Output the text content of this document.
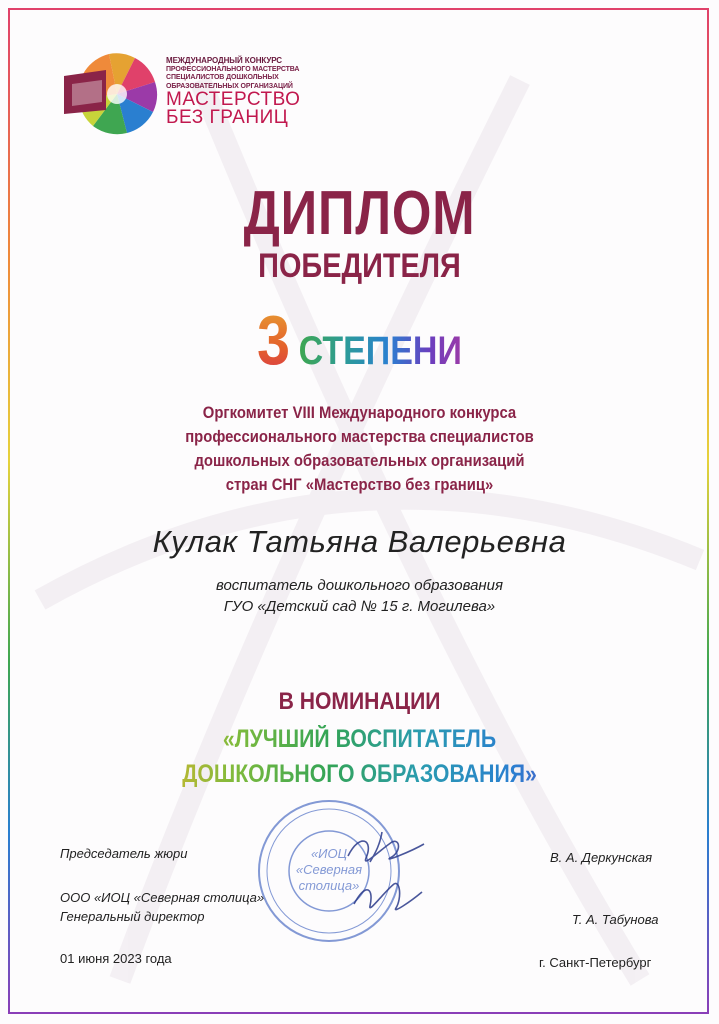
МЕЖДУНАРОДНЫЙ КОНКУРС
ПРОФЕССИОНАЛЬНОГО МАСТЕРСТВА
СПЕЦИАЛИСТОВ ДОШКОЛЬНЫХ
ОБРАЗОВАТЕЛЬНЫХ ОРГАНИЗАЦИЙ
МАСТЕРСТВО
БЕЗ ГРАНИЦ
ДИПЛОМ
ПОБЕДИТЕЛЯ
3 СТЕПЕНИ
Оргкомитет VIII Международного конкурса
профессионального мастерства специалистов
дошкольных образовательных организаций
стран СНГ «Мастерство без границ»
Кулак Татьяна Валерьевна
воспитатель дошкольного образования
ГУО «Детский сад № 15 г. Могилева»
В НОМИНАЦИИ
«ЛУЧШИЙ ВОСПИТАТЕЛЬ
ДОШКОЛЬНОГО ОБРАЗОВАНИЯ»
«ИОЦ
«Северная
столица»
Председатель жюри	В. А. Деркунская
ООО «ИОЦ «Северная столица»
Генеральный директор	Т. А. Табунова
01 июня 2023 года	г. Санкт-Петербург
